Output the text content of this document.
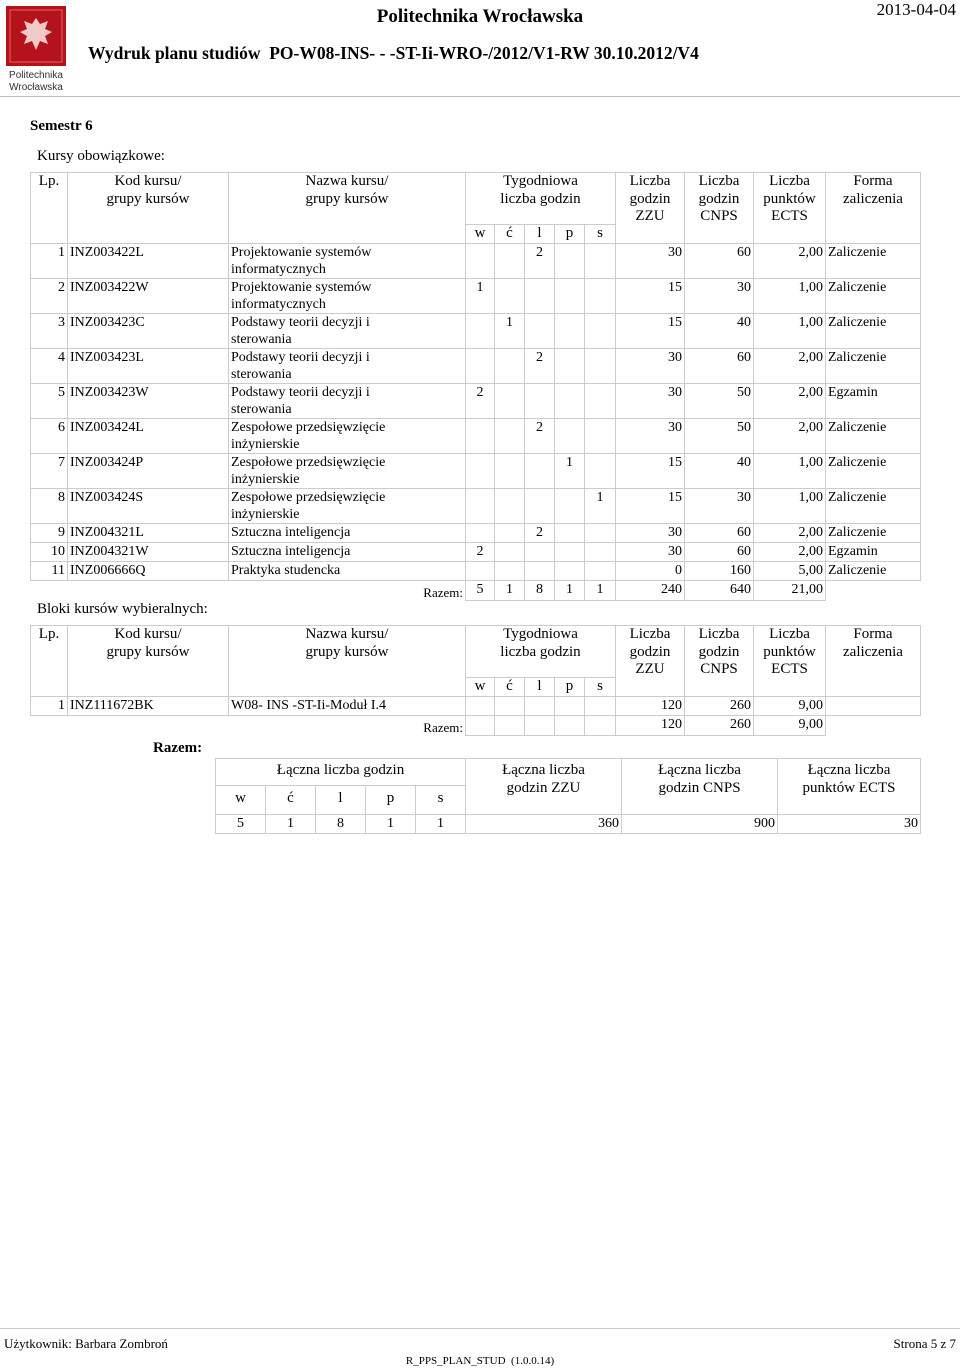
Politechnika
Wrocławska
Politechnika Wrocławska
Wydruk planu studiów  PO-W08-INS- - -ST-Ii-WRO-/2012/V1-RW 30.10.2012/V4
2013-04-04
Semestr 6
Kursy obowiązkowe:
Lp.	Kod kursu/
grupy kursów	Nazwa kursu/
grupy kursów	Tygodniowa
liczba godzin					Liczba
godzin
ZZU	Liczba
godzin
CNPS	Liczba
punktów
ECTS	Forma
zaliczenia
			w	ć	l	p	s				
1	INZ003422L	Projektowanie systemów
informatycznych			2			30	60	2,00	Zaliczenie
2	INZ003422W	Projektowanie systemów
informatycznych	1					15	30	1,00	Zaliczenie
3	INZ003423C	Podstawy teorii decyzji i
sterowania		1				15	40	1,00	Zaliczenie
4	INZ003423L	Podstawy teorii decyzji i
sterowania			2			30	60	2,00	Zaliczenie
5	INZ003423W	Podstawy teorii decyzji i
sterowania	2					30	50	2,00	Egzamin
6	INZ003424L	Zespołowe przedsięwzięcie
inżynierskie			2			30	50	2,00	Zaliczenie
7	INZ003424P	Zespołowe przedsięwzięcie
inżynierskie				1		15	40	1,00	Zaliczenie
8	INZ003424S	Zespołowe przedsięwzięcie
inżynierskie					1	15	30	1,00	Zaliczenie
9	INZ004321L	Sztuczna inteligencja			2			30	60	2,00	Zaliczenie
10	INZ004321W	Sztuczna inteligencja	2					30	60	2,00	Egzamin
11	INZ006666Q	Praktyka studencka						0	160	5,00	Zaliczenie
Razem:			5	1	8	1	1	240	640	21,00	
Bloki kursów wybieralnych:
Lp.	Kod kursu/
grupy kursów	Nazwa kursu/
grupy kursów	Tygodniowa
liczba godzin					Liczba
godzin
ZZU	Liczba
godzin
CNPS	Liczba
punktów
ECTS	Forma
zaliczenia
			w	ć	l	p	s				
1	INZ111672BK	W08- INS -ST-Ii-Moduł I.4						120	260	9,00	
Razem:								120	260	9,00	
Razem:
Łączna liczba godzin					Łączna liczba
godzin ZZU	Łączna liczba
godzin CNPS	Łączna liczba
punktów ECTS
w	ć	l	p	s			
5	1	8	1	1	360	900	30
Użytkownik: Barbara Zombroń	Strona 5 z 7
R_PPS_PLAN_STUD  (1.0.0.14)
